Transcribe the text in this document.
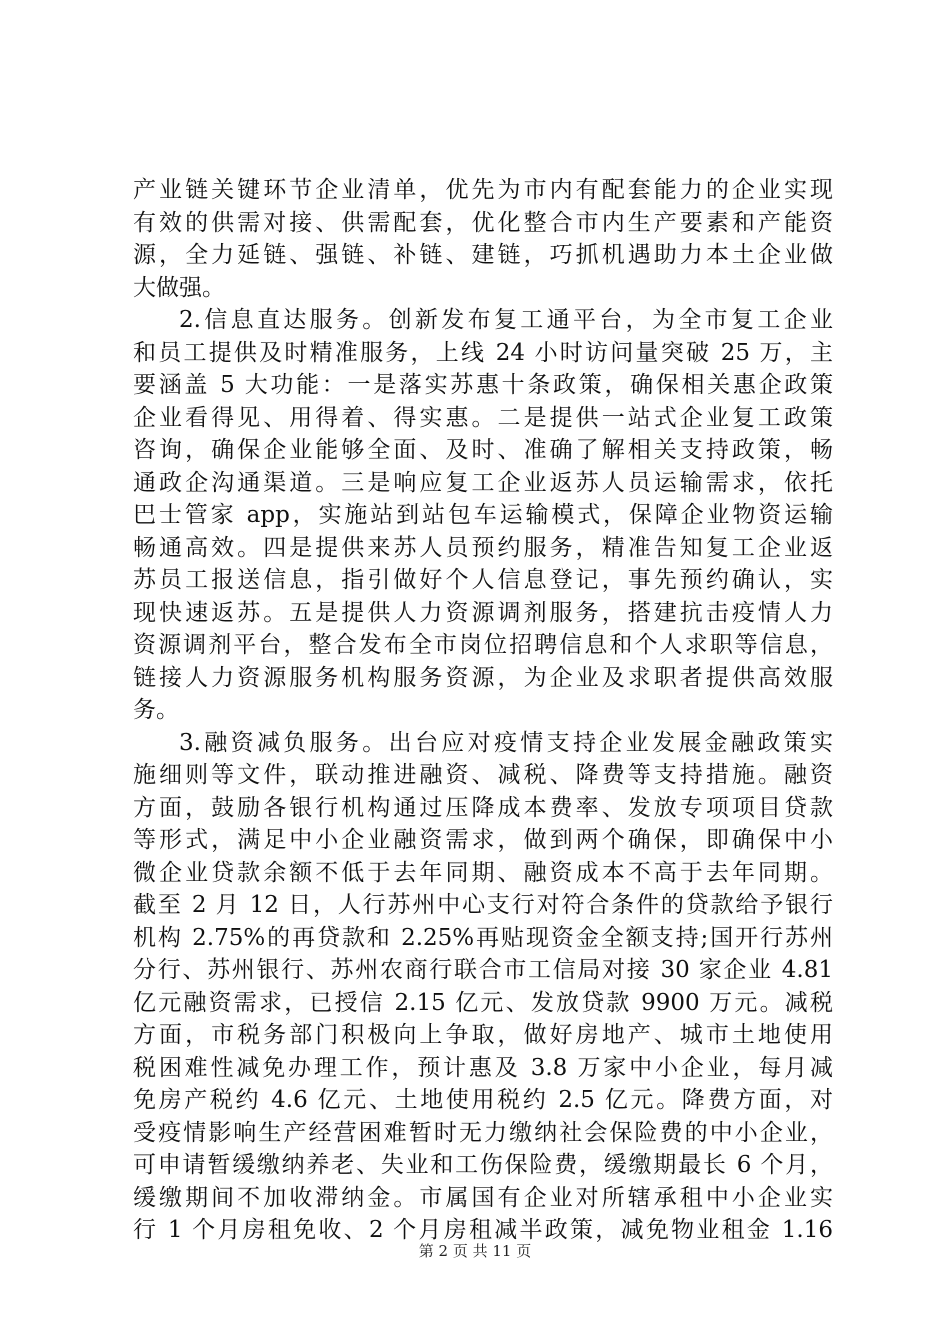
产业链关键环节企业清单，优先为市内有配套能力的企业实现
有效的供需对接、供需配套，优化整合市内生产要素和产能资
源，全力延链、强链、补链、建链，巧抓机遇助力本土企业做
大做强。
2.信息直达服务。创新发布复工通平台，为全市复工企业
和员工提供及时精准服务，上线 24 小时访问量突破 25 万，主
要涵盖 5 大功能：一是落实苏惠十条政策，确保相关惠企政策
企业看得见、用得着、得实惠。二是提供一站式企业复工政策
咨询，确保企业能够全面、及时、准确了解相关支持政策，畅
通政企沟通渠道。三是响应复工企业返苏人员运输需求，依托
巴士管家 app，实施站到站包车运输模式，保障企业物资运输
畅通高效。四是提供来苏人员预约服务，精准告知复工企业返
苏员工报送信息，指引做好个人信息登记，事先预约确认，实
现快速返苏。五是提供人力资源调剂服务，搭建抗击疫情人力
资源调剂平台，整合发布全市岗位招聘信息和个人求职等信息，
链接人力资源服务机构服务资源，为企业及求职者提供高效服
务。
3.融资减负服务。出台应对疫情支持企业发展金融政策实
施细则等文件，联动推进融资、减税、降费等支持措施。融资
方面，鼓励各银行机构通过压降成本费率、发放专项项目贷款
等形式，满足中小企业融资需求，做到两个确保，即确保中小
微企业贷款余额不低于去年同期、融资成本不高于去年同期。
截至 2 月 12 日，人行苏州中心支行对符合条件的贷款给予银行
机构 2.75%的再贷款和 2.25%再贴现资金全额支持;国开行苏州
分行、苏州银行、苏州农商行联合市工信局对接 30 家企业 4.81
亿元融资需求，已授信 2.15 亿元、发放贷款 9900 万元。减税
方面，市税务部门积极向上争取，做好房地产、城市土地使用
税困难性减免办理工作，预计惠及 3.8 万家中小企业，每月减
免房产税约 4.6 亿元、土地使用税约 2.5 亿元。降费方面，对
受疫情影响生产经营困难暂时无力缴纳社会保险费的中小企业，
可申请暂缓缴纳养老、失业和工伤保险费，缓缴期最长 6 个月，
缓缴期间不加收滞纳金。市属国有企业对所辖承租中小企业实
行 1 个月房租免收、2 个月房租减半政策，减免物业租金 1.16
第 2 页 共 11 页
